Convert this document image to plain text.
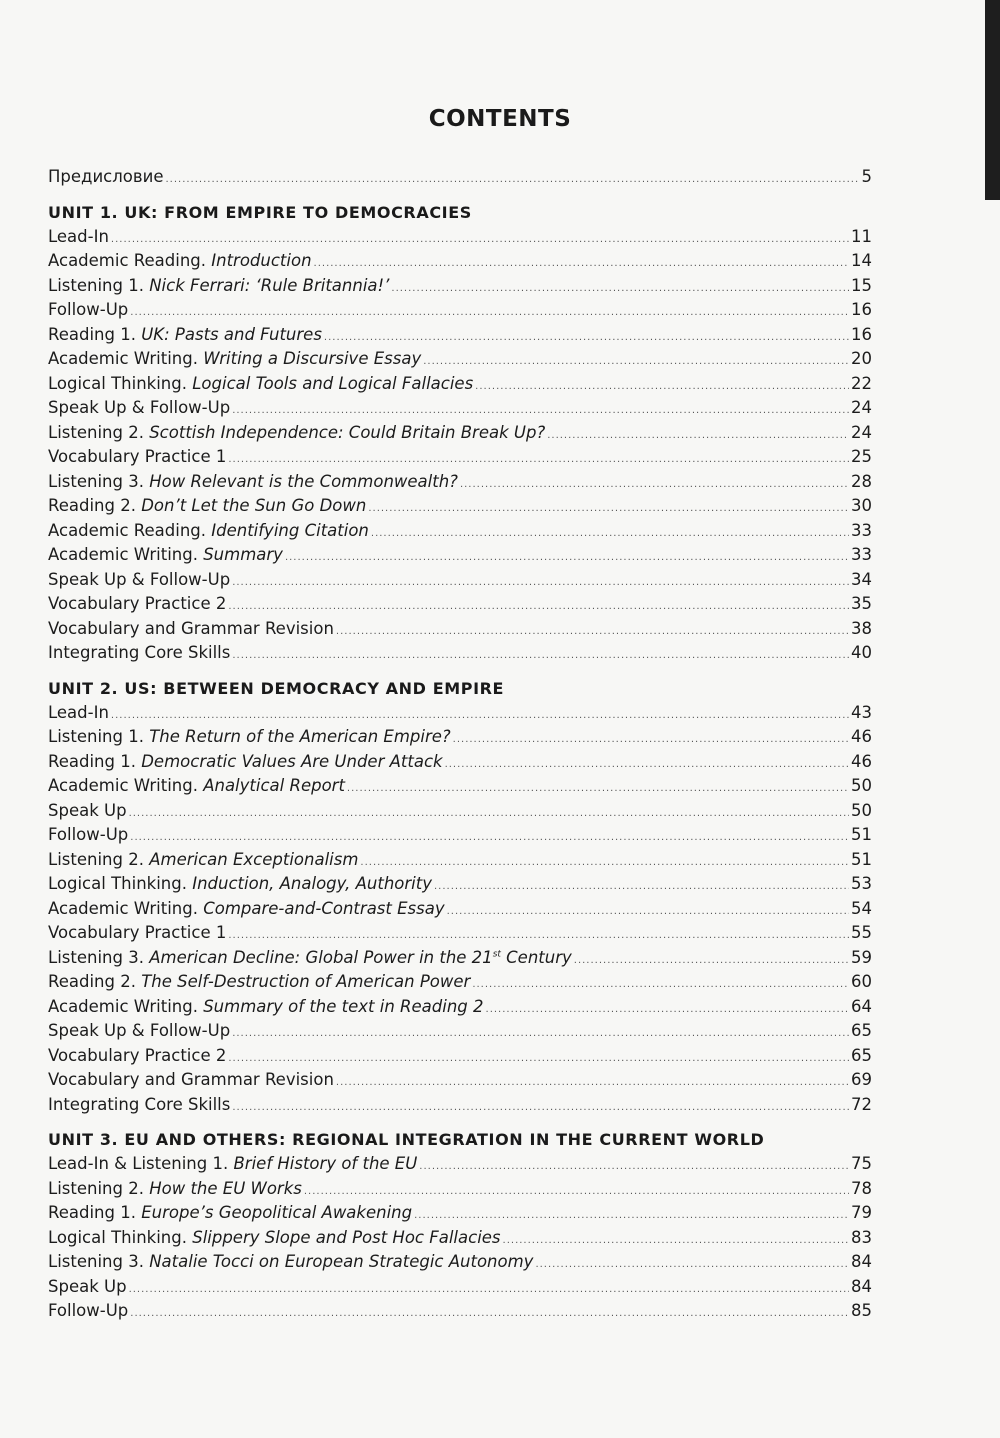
CONTENTS
Предисловие .....	5
UNIT 1. UK: FROM EMPIRE TO DEMOCRACIES
Lead-In .....	11
Academic Reading. Introduction .....	14
Listening 1. Nick Ferrari: ‘Rule Britannia!’ .....	15
Follow-Up .....	16
Reading 1. UK: Pasts and Futures .....	16
Academic Writing. Writing a Discursive Essay .....	20
Logical Thinking. Logical Tools and Logical Fallacies .....	22
Speak Up & Follow-Up .....	24
Listening 2. Scottish Independence: Could Britain Break Up? .....	24
Vocabulary Practice 1 .....	25
Listening 3. How Relevant is the Commonwealth? .....	28
Reading 2. Don’t Let the Sun Go Down .....	30
Academic Reading. Identifying Citation .....	33
Academic Writing. Summary .....	33
Speak Up & Follow-Up .....	34
Vocabulary Practice 2 .....	35
Vocabulary and Grammar Revision .....	38
Integrating Core Skills .....	40
UNIT 2. US: BETWEEN DEMOCRACY AND EMPIRE
Lead-In .....	43
Listening 1. The Return of the American Empire? .....	46
Reading 1. Democratic Values Are Under Attack .....	46
Academic Writing. Analytical Report .....	50
Speak Up .....	50
Follow-Up .....	51
Listening 2. American Exceptionalism .....	51
Logical Thinking. Induction, Analogy, Authority .....	53
Academic Writing. Compare-and-Contrast Essay .....	54
Vocabulary Practice 1 .....	55
Listening 3. American Decline: Global Power in the 21st Century .....	59
Reading 2. The Self-Destruction of American Power .....	60
Academic Writing. Summary of the text in Reading 2 .....	64
Speak Up & Follow-Up .....	65
Vocabulary Practice 2 .....	65
Vocabulary and Grammar Revision .....	69
Integrating Core Skills .....	72
UNIT 3. EU AND OTHERS: REGIONAL INTEGRATION IN THE CURRENT WORLD
Lead-In & Listening 1. Brief History of the EU .....	75
Listening 2. How the EU Works .....	78
Reading 1. Europe’s Geopolitical Awakening .....	79
Logical Thinking. Slippery Slope and Post Hoc Fallacies .....	83
Listening 3. Natalie Tocci on European Strategic Autonomy .....	84
Speak Up .....	84
Follow-Up .....	85
